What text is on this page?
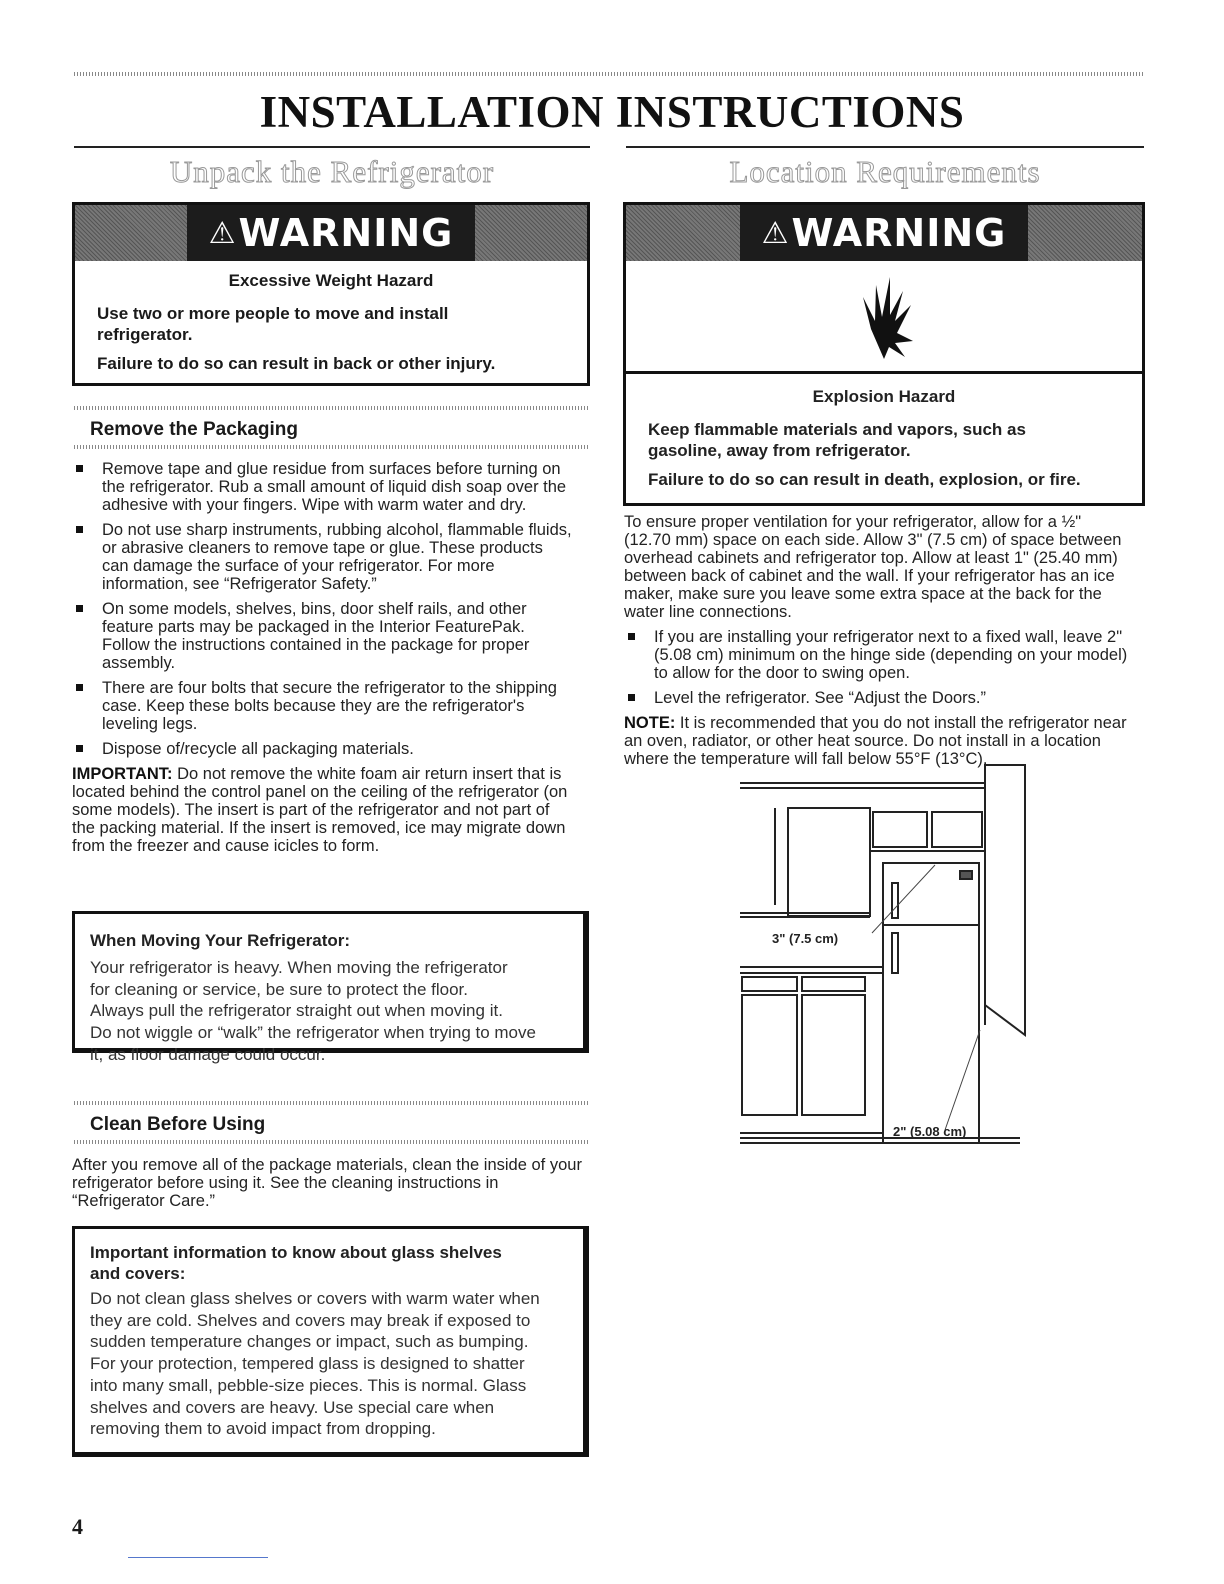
INSTALLATION INSTRUCTIONS
Unpack the Refrigerator
⚠ WARNING
Excessive Weight Hazard
Use two or more people to move and install refrigerator.
Failure to do so can result in back or other injury.
Remove the Packaging
Remove tape and glue residue from surfaces before turning on the refrigerator. Rub a small amount of liquid dish soap over the adhesive with your fingers. Wipe with warm water and dry.
Do not use sharp instruments, rubbing alcohol, flammable fluids, or abrasive cleaners to remove tape or glue. These products can damage the surface of your refrigerator. For more information, see “Refrigerator Safety.”
On some models, shelves, bins, door shelf rails, and other feature parts may be packaged in the Interior FeaturePak. Follow the instructions contained in the package for proper assembly.
There are four bolts that secure the refrigerator to the shipping case. Keep these bolts because they are the refrigerator's leveling legs.
Dispose of/recycle all packaging materials.
IMPORTANT: Do not remove the white foam air return insert that is located behind the control panel on the ceiling of the refrigerator (on some models). The insert is part of the refrigerator and not part of the packing material. If the insert is removed, ice may migrate down from the freezer and cause icicles to form.
When Moving Your Refrigerator:
Your refrigerator is heavy. When moving the refrigerator
for cleaning or service, be sure to protect the floor.
Always pull the refrigerator straight out when moving it.
Do not wiggle or “walk” the refrigerator when trying to move
it, as floor damage could occur.
Clean Before Using
After you remove all of the package materials, clean the inside of your refrigerator before using it. See the cleaning instructions in “Refrigerator Care.”
Important information to know about glass shelves
and covers:
Do not clean glass shelves or covers with warm water when
they are cold. Shelves and covers may break if exposed to
sudden temperature changes or impact, such as bumping.
For your protection, tempered glass is designed to shatter
into many small, pebble-size pieces. This is normal. Glass
shelves and covers are heavy. Use special care when
removing them to avoid impact from dropping.
Location Requirements
⚠ WARNING
Explosion Hazard
Keep flammable materials and vapors, such as gasoline, away from refrigerator.
Failure to do so can result in death, explosion, or fire.
To ensure proper ventilation for your refrigerator, allow for a ½" (12.70 mm) space on each side. Allow 3" (7.5 cm) of space between overhead cabinets and refrigerator top. Allow at least 1" (25.40 mm) between back of cabinet and the wall. If your refrigerator has an ice maker, make sure you leave some extra space at the back for the water line connections.
If you are installing your refrigerator next to a fixed wall, leave 2" (5.08 cm) minimum on the hinge side (depending on your model) to allow for the door to swing open.
Level the refrigerator. See “Adjust the Doors.”
NOTE: It is recommended that you do not install the refrigerator near an oven, radiator, or other heat source. Do not install in a location where the temperature will fall below 55°F (13°C).
3" (7.5 cm)
2" (5.08 cm)
4
